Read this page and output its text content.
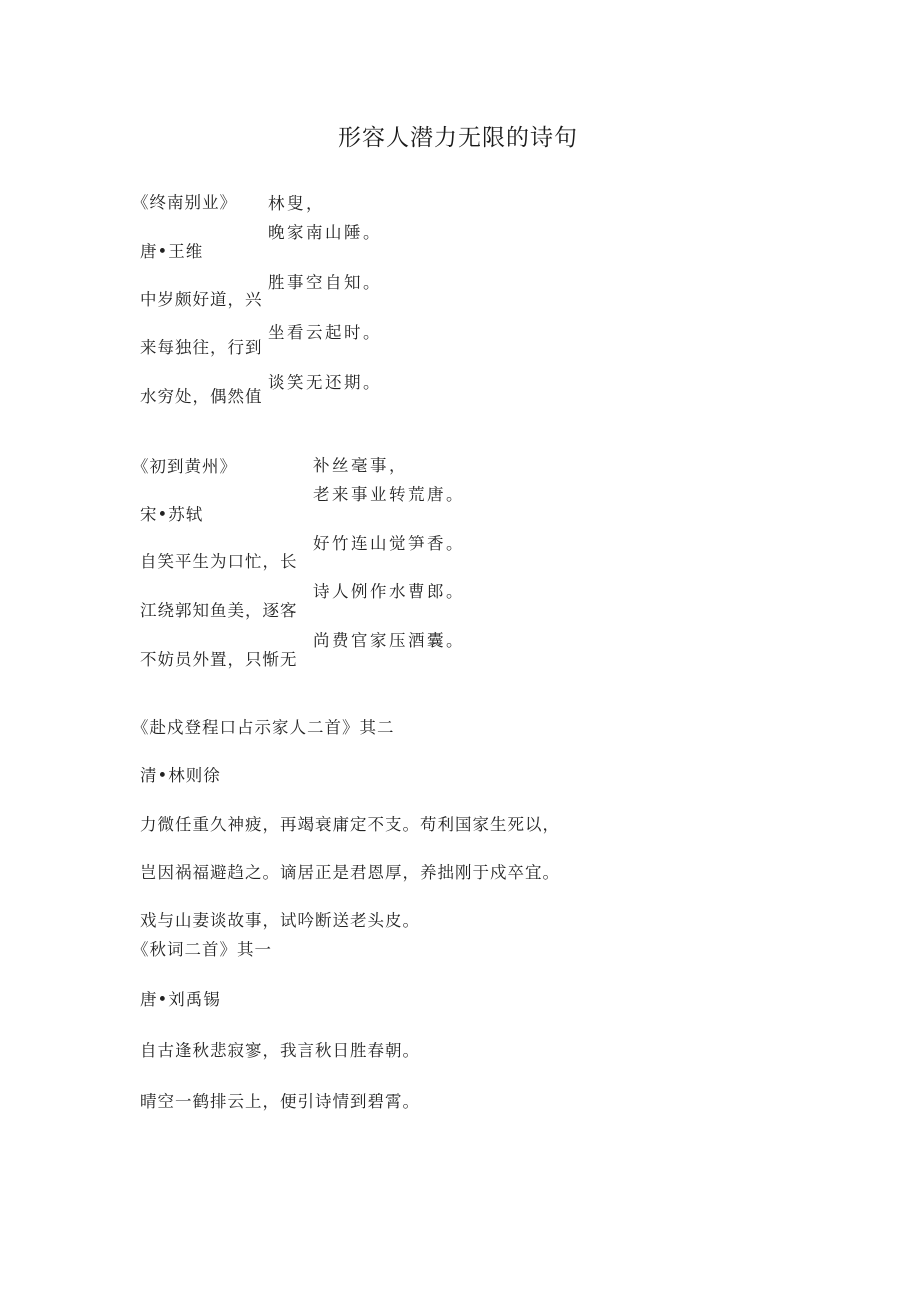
形容人潜力无限的诗句
《终南别业》
唐•王维
中岁颇好道，兴
来每独往，行到
水穷处，偶然值
林叟，
晚家南山陲。
胜事空自知。
坐看云起时。
谈笑无还期。
《初到黄州》
宋•苏轼
自笑平生为口忙，长
江绕郭知鱼美，逐客
不妨员外置，只惭无
补丝毫事，
老来事业转荒唐。
好竹连山觉笋香。
诗人例作水曹郎。
尚费官家压酒囊。
《赴戍登程口占示家人二首》其二
清•林则徐
力微任重久神疲，再竭衰庸定不支。苟利国家生死以，
岂因祸福避趋之。谪居正是君恩厚，养拙刚于戍卒宜。
戏与山妻谈故事，试吟断送老头皮。
《秋词二首》其一
唐•刘禹锡
自古逢秋悲寂寥，我言秋日胜春朝。
晴空一鹤排云上，便引诗情到碧霄。
